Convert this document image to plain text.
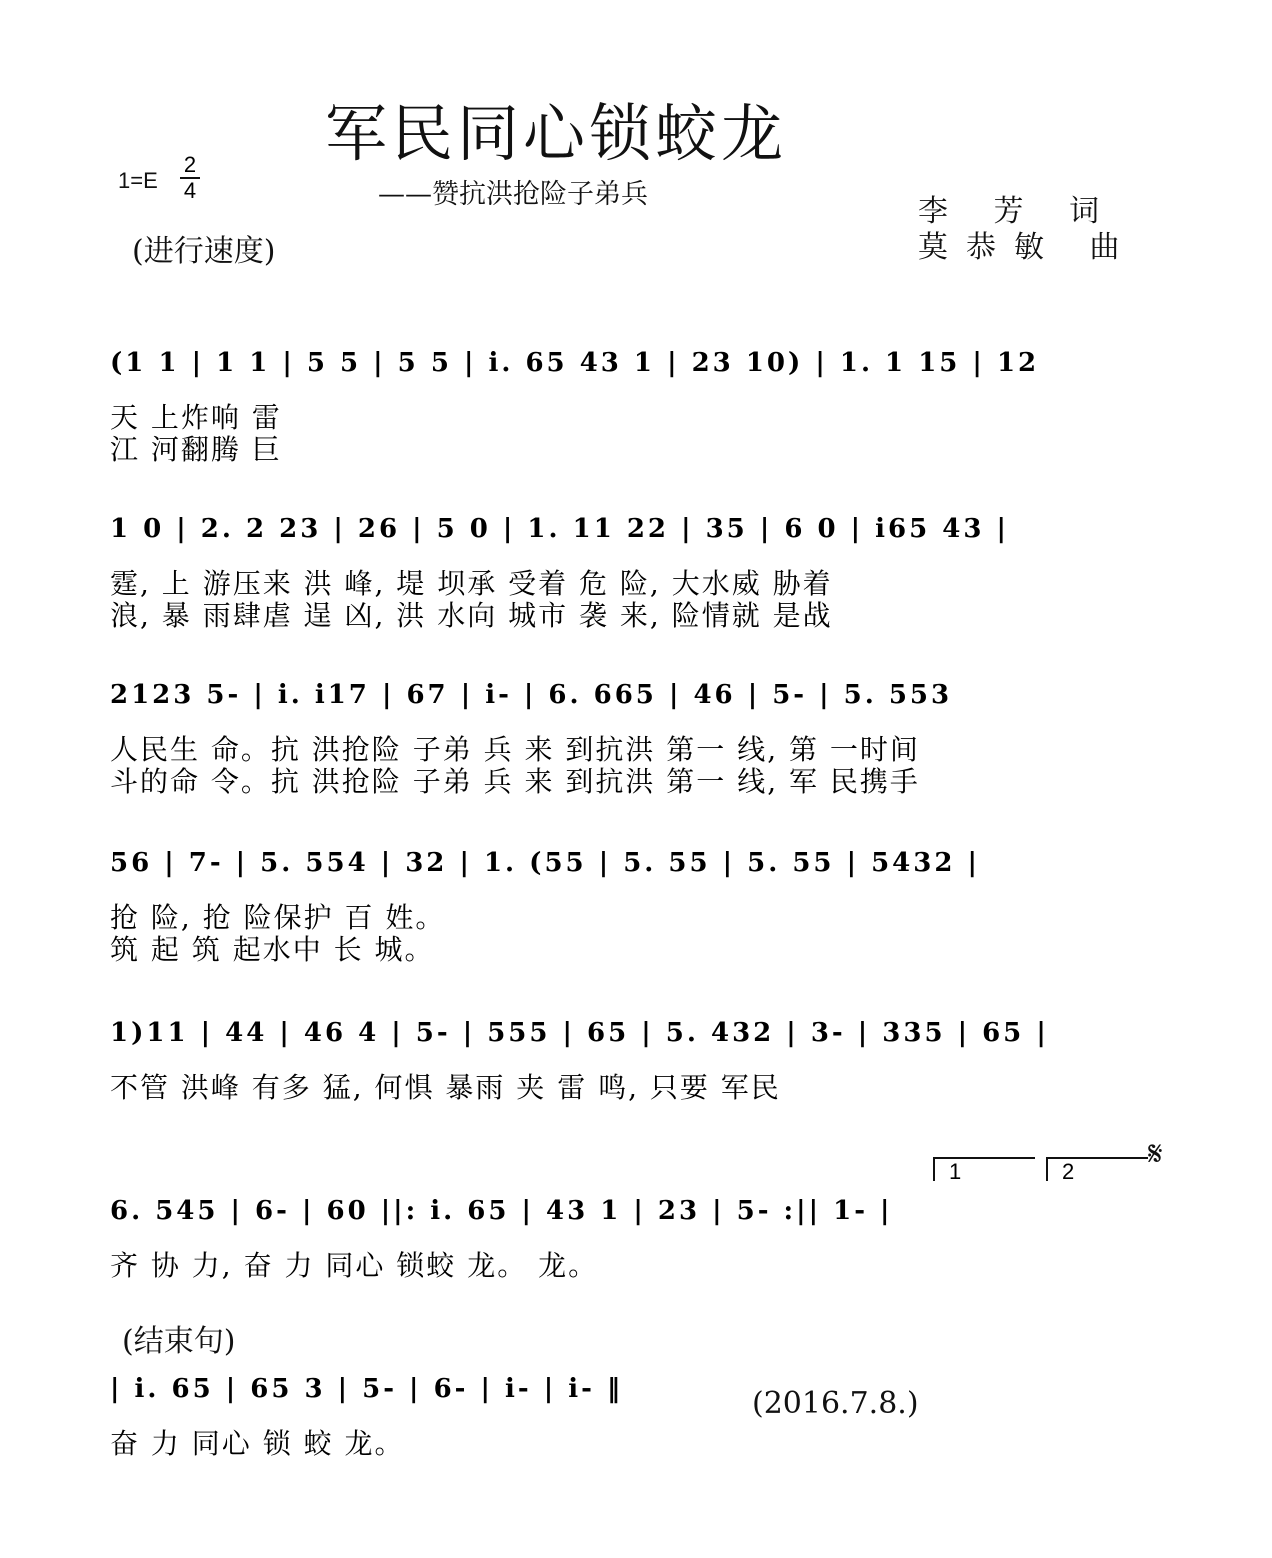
军民同心锁蛟龙
——赞抗洪抢险子弟兵
1=E
2
4
(进行速度)
李 芳 词
莫恭敏 曲
(1 1 | 1 1 | 5 5 | 5 5 | i. 65 43 1 | 23 10) | 1. 1 15 | 12
天 上炸响 雷
江 河翻腾 巨
1 0 | 2. 2 23 | 26 | 5 0 | 1. 11 22 | 35 | 6 0 | i65 43 |
霆, 上 游压来 洪 峰, 堤 坝承 受着 危 险, 大水威 胁着
浪, 暴 雨肆虐 逞 凶, 洪 水向 城市 袭 来, 险情就 是战
2123 5- | i. i17 | 67 | i- | 6. 665 | 46 | 5- | 5. 553
人民生 命。抗 洪抢险 子弟 兵 来 到抗洪 第一 线, 第 一时间
斗的命 令。抗 洪抢险 子弟 兵 来 到抗洪 第一 线, 军 民携手
56 | 7- | 5. 554 | 32 | 1. (55 | 5. 55 | 5. 55 | 5432 |
抢 险, 抢 险保护 百 姓。
筑 起 筑 起水中 长 城。
1)11 | 44 | 46 4 | 5- | 555 | 65 | 5. 432 | 3- | 335 | 65 |
不管 洪峰 有多 猛, 何惧 暴雨 夹 雷 鸣, 只要 军民
1	2	𝄋
6. 545 | 6- | 60 ||: i. 65 | 43 1 | 23 | 5- :|| 1- |
齐 协 力, 奋 力 同心 锁蛟 龙。 龙。
(结束句)
| i. 65 | 65 3 | 5- | 6- | i- | i- ‖
奋 力 同心 锁 蛟 龙。
(2016.7.8.)
